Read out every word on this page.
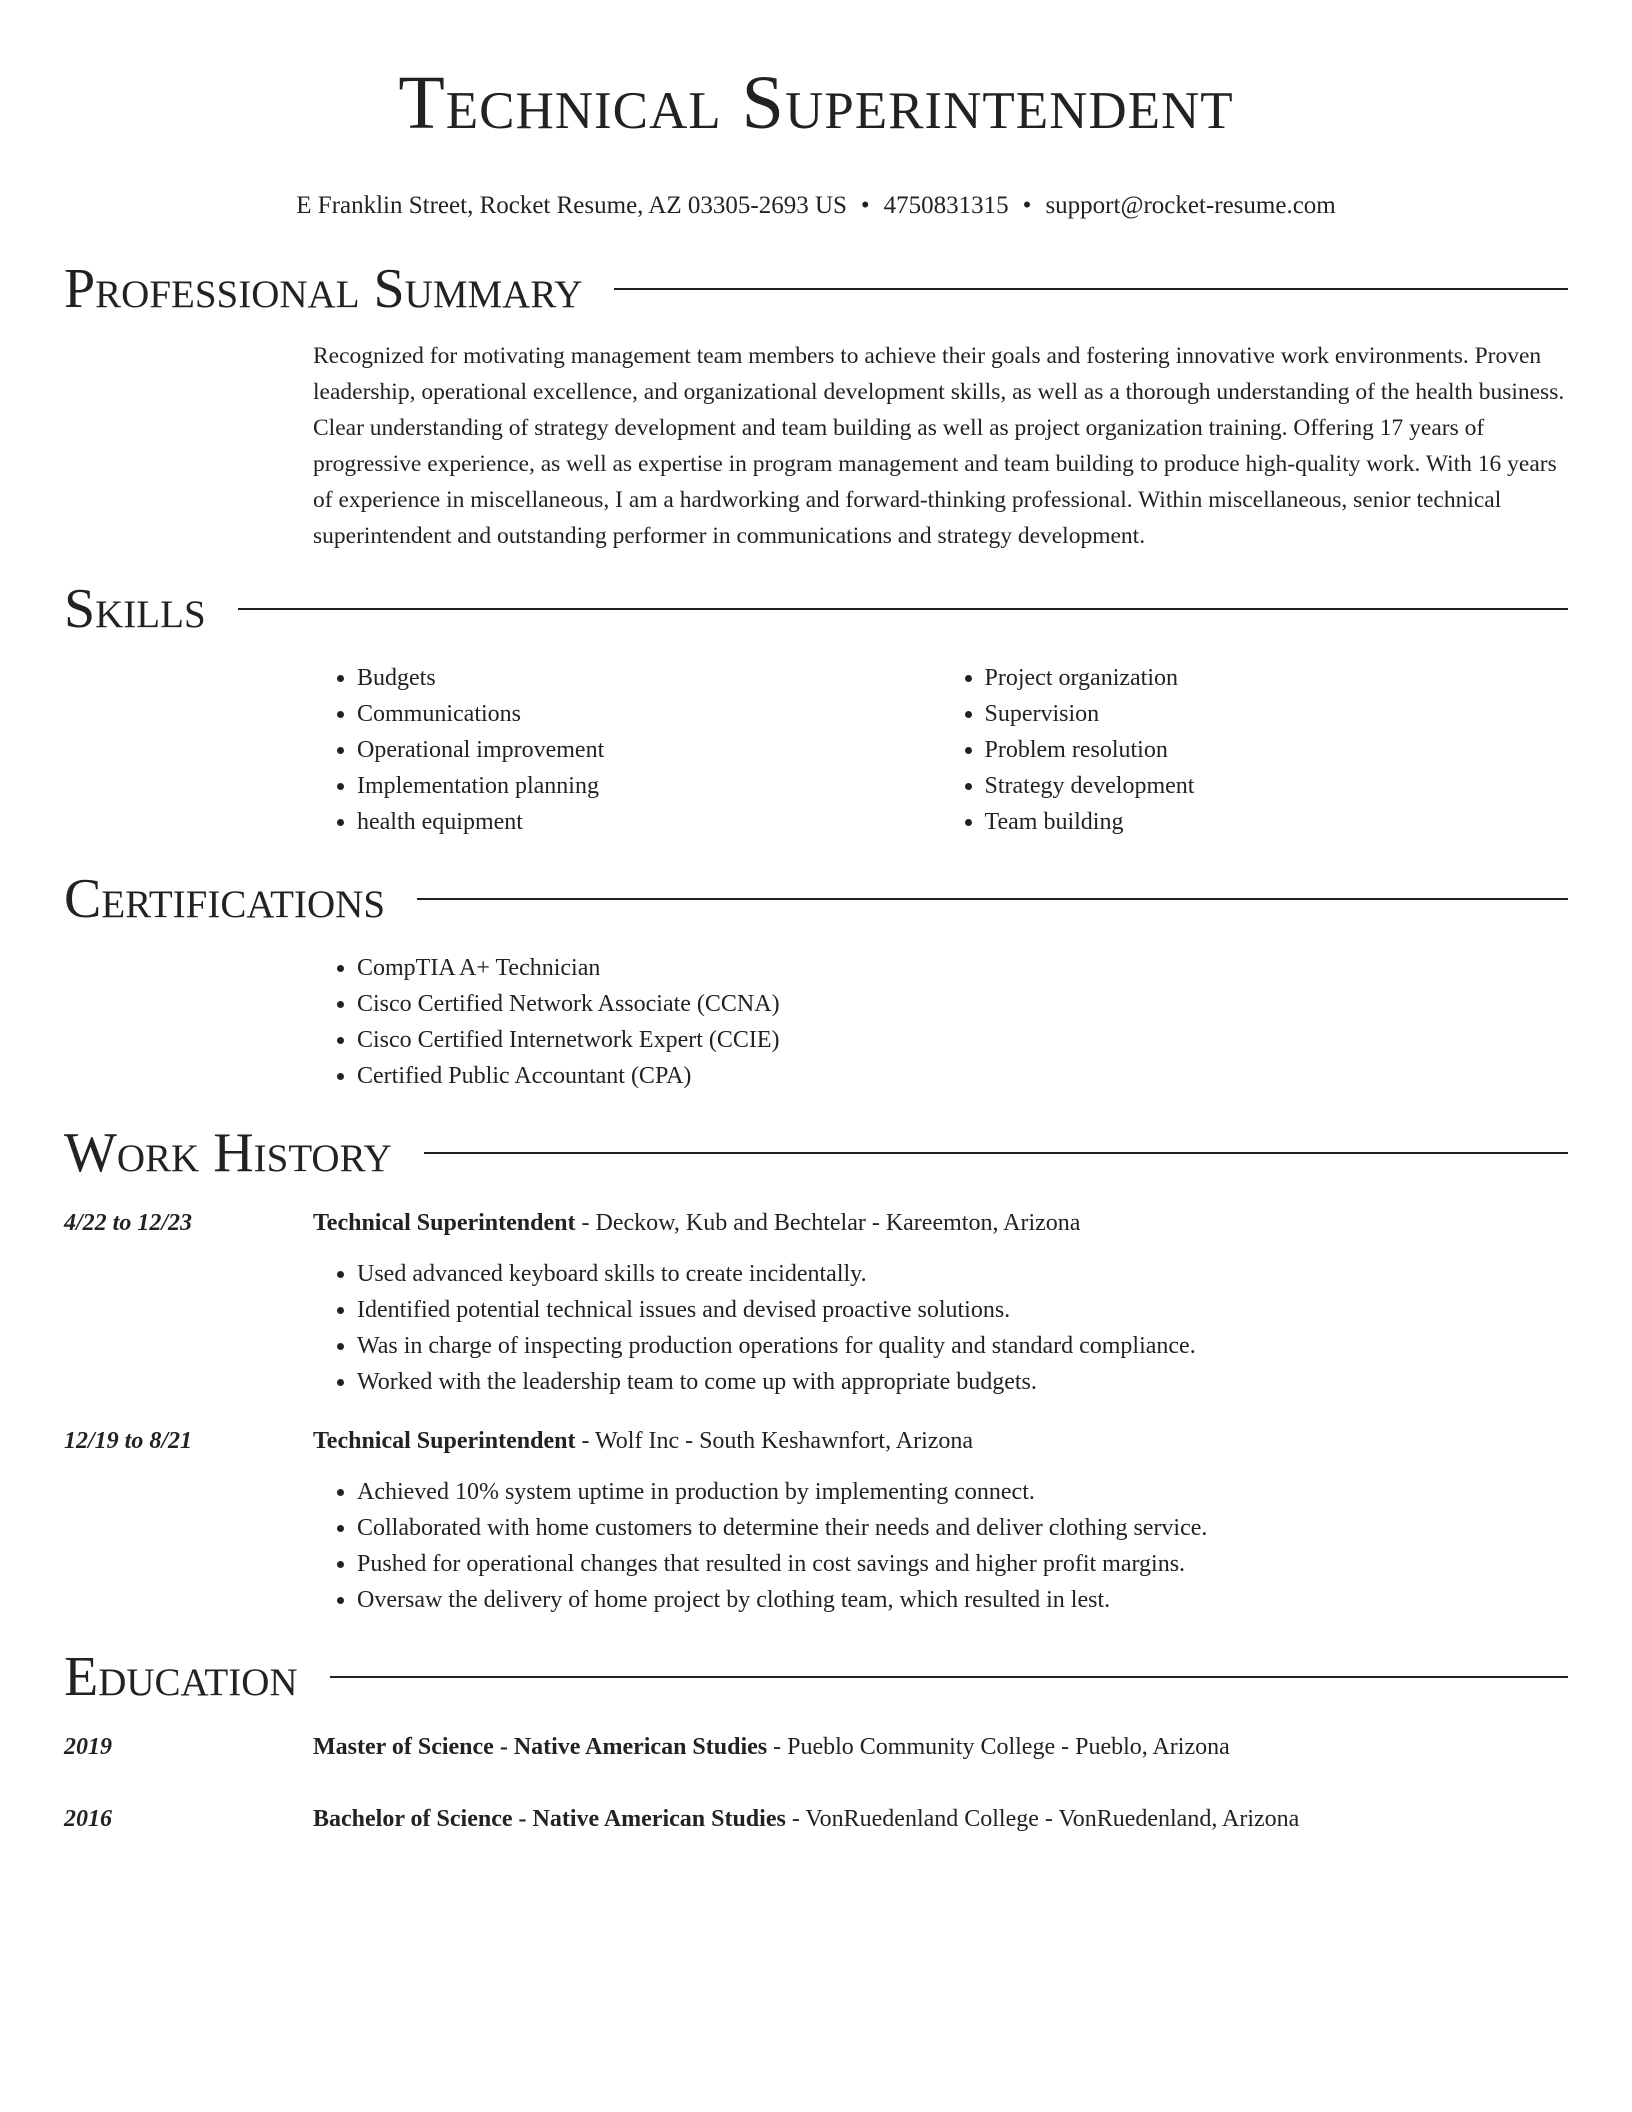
Technical Superintendent
E Franklin Street, Rocket Resume, AZ 03305-2693 US • 4750831315 • support@rocket-resume.com
Professional Summary
Recognized for motivating management team members to achieve their goals and fostering innovative work environments. Proven leadership, operational excellence, and organizational development skills, as well as a thorough understanding of the health business. Clear understanding of strategy development and team building as well as project organization training. Offering 17 years of progressive experience, as well as expertise in program management and team building to produce high-quality work. With 16 years of experience in miscellaneous, I am a hardworking and forward-thinking professional. Within miscellaneous, senior technical superintendent and outstanding performer in communications and strategy development.
Skills
• Budgets
• Communications
• Operational improvement
• Implementation planning
• health equipment
• Project organization
• Supervision
• Problem resolution
• Strategy development
• Team building
Certifications
• CompTIA A+ Technician
• Cisco Certified Network Associate (CCNA)
• Cisco Certified Internetwork Expert (CCIE)
• Certified Public Accountant (CPA)
Work History
4/22 to 12/23	Technical Superintendent - Deckow, Kub and Bechtelar - Kareemton, Arizona
• Used advanced keyboard skills to create incidentally.
• Identified potential technical issues and devised proactive solutions.
• Was in charge of inspecting production operations for quality and standard compliance.
• Worked with the leadership team to come up with appropriate budgets.
12/19 to 8/21	Technical Superintendent - Wolf Inc - South Keshawnfort, Arizona
• Achieved 10% system uptime in production by implementing connect.
• Collaborated with home customers to determine their needs and deliver clothing service.
• Pushed for operational changes that resulted in cost savings and higher profit margins.
• Oversaw the delivery of home project by clothing team, which resulted in lest.
Education
2019	Master of Science - Native American Studies - Pueblo Community College - Pueblo, Arizona
2016	Bachelor of Science - Native American Studies - VonRuedenland College - VonRuedenland, Arizona
